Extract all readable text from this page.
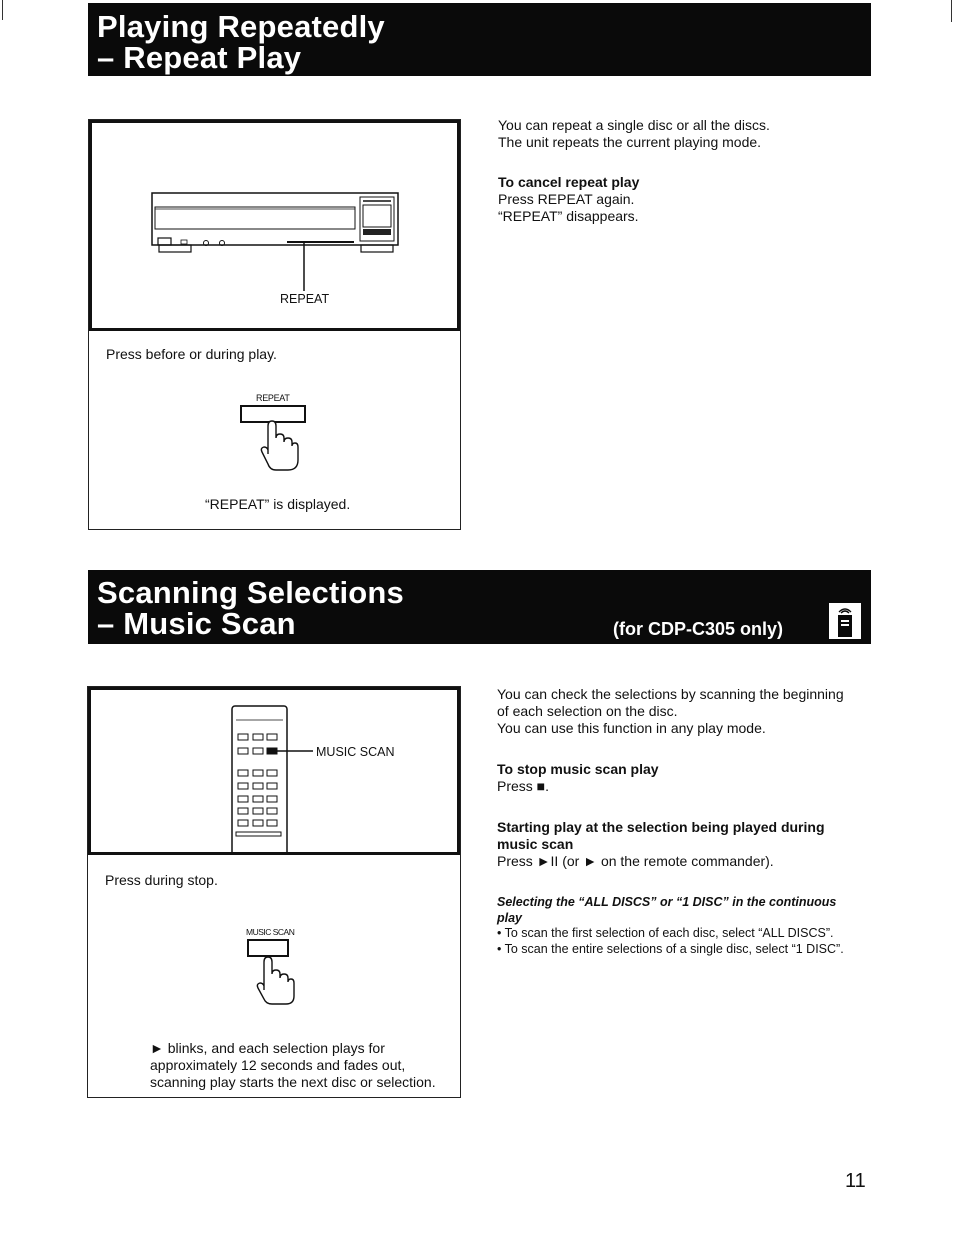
Playing Repeatedly
– Repeat Play
REPEAT
Press before or during play.
REPEAT
“REPEAT” is displayed.
You can repeat a single disc or all the discs.
The unit repeats the current playing mode.
To cancel repeat play
Press REPEAT again.
“REPEAT” disappears.
Scanning Selections
– Music Scan	(for CDP-C305 only)
MUSIC SCAN
Press during stop.
MUSIC SCAN
► blinks, and each selection plays for
approximately 12 seconds and fades out,
scanning play starts the next disc or selection.
You can check the selections by scanning the beginning
of each selection on the disc.
You can use this function in any play mode.
To stop music scan play
Press ■.
Starting play at the selection being played during
music scan
Press ►II (or ► on the remote commander).
Selecting the “ALL DISCS” or “1 DISC” in the continuous
play
• To scan the first selection of each disc, select “ALL DISCS”.
• To scan the entire selections of a single disc, select “1 DISC”.
11
